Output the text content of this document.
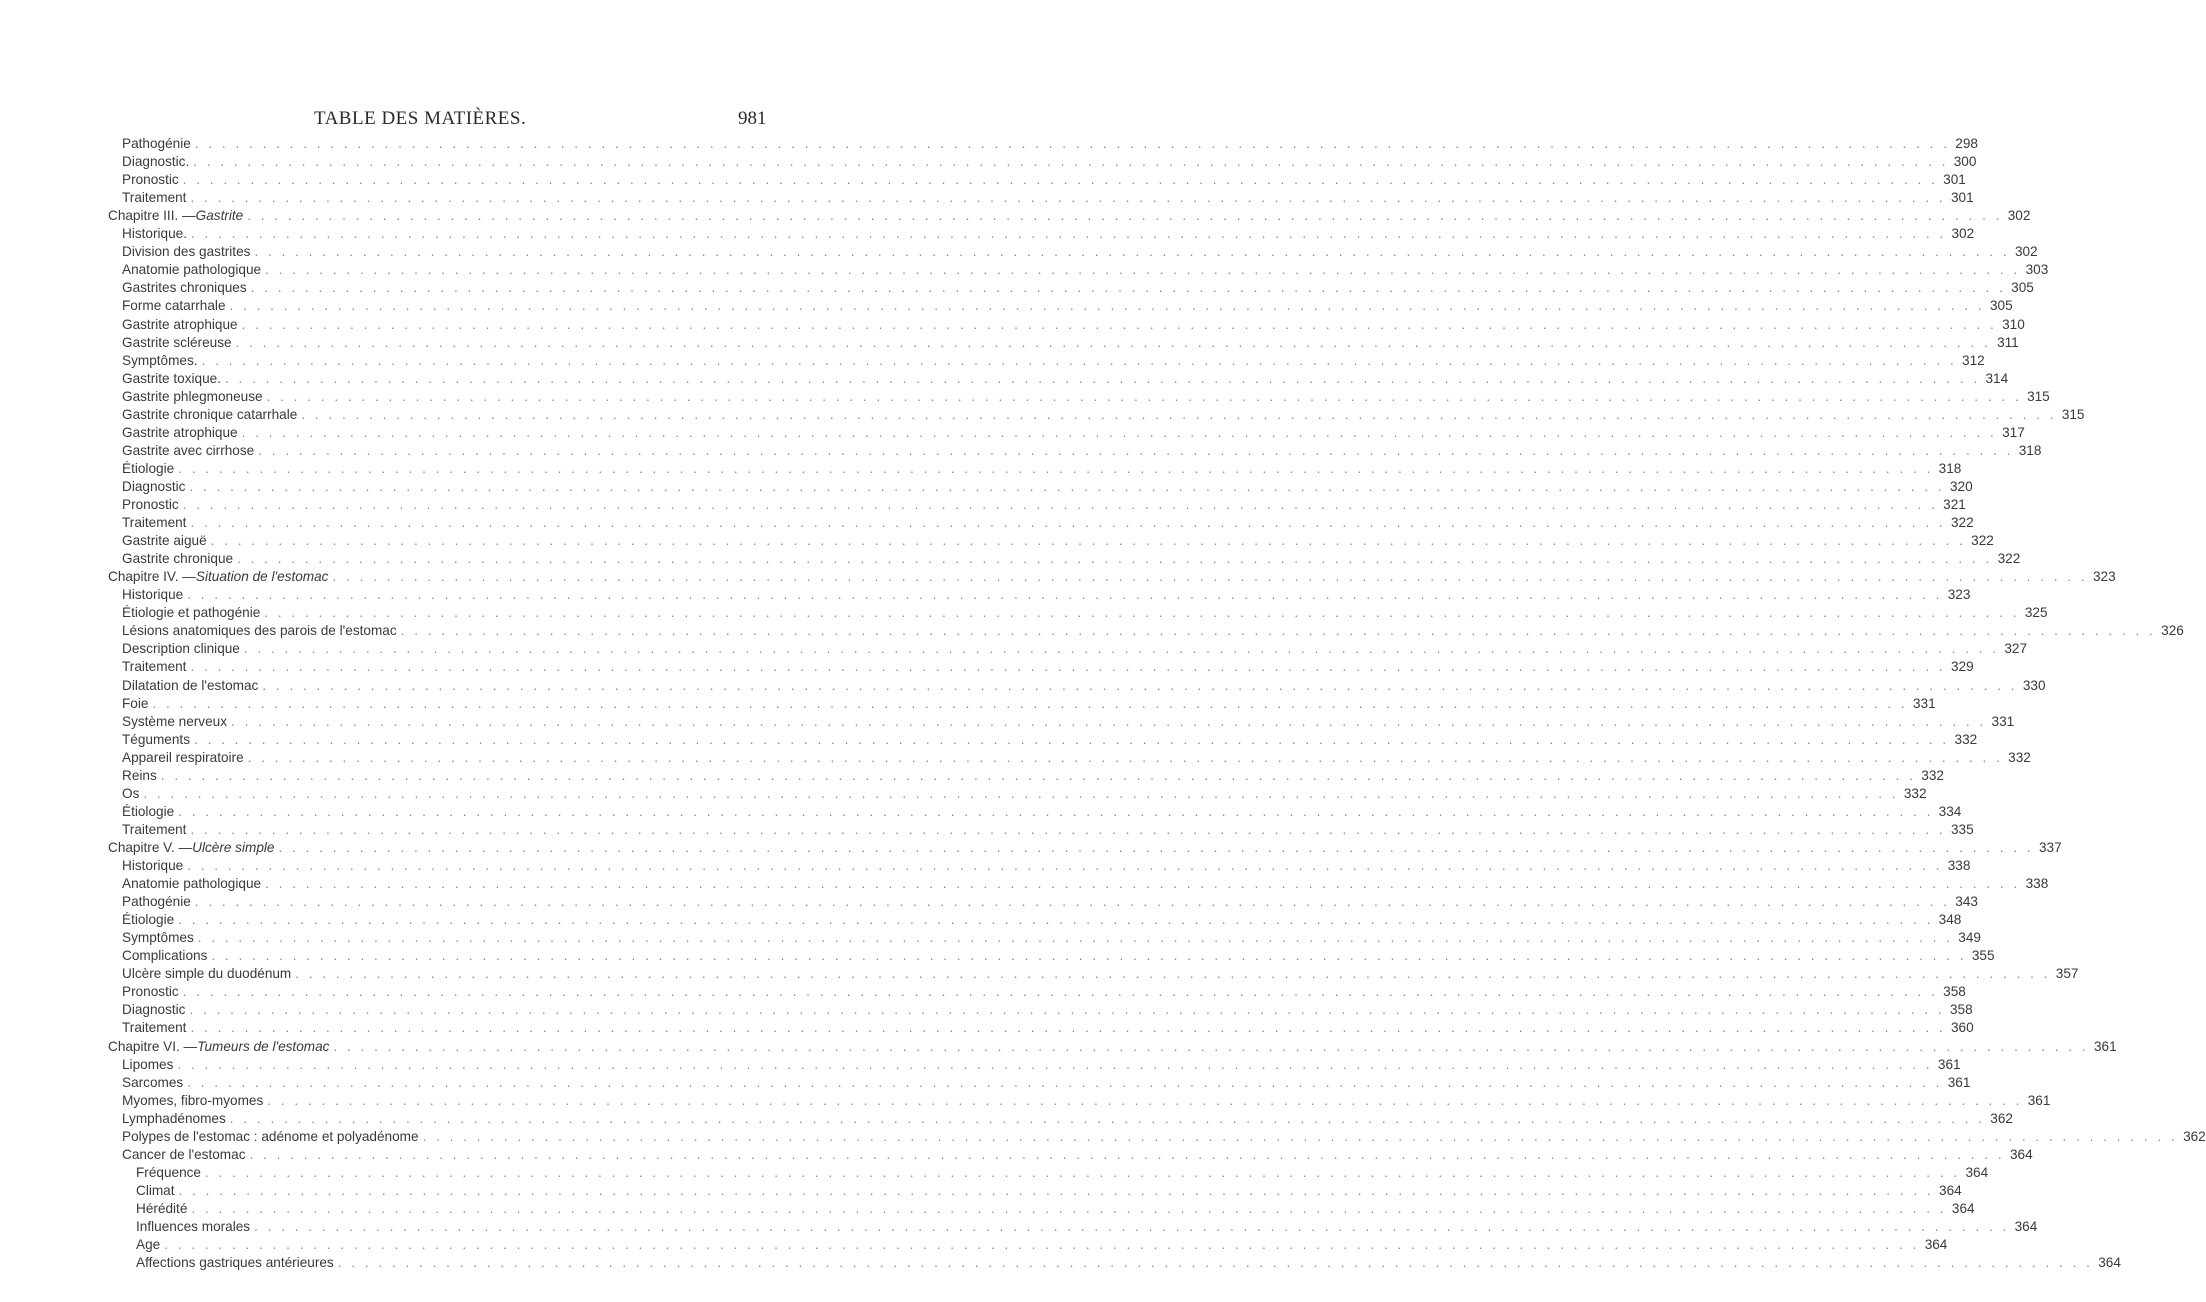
TABLE DES MATIÈRES.	981
Pathogénie . . .	298
Diagnostic. . . .	300
Pronostic . . .	301
Traitement . . .	301
Chapitre III. — Gastrite . . .	302
Historique. . . .	302
Division des gastrites . . .	302
Anatomie pathologique . . .	303
Gastrites chroniques . . .	305
Forme catarrhale . . .	305
Gastrite atrophique . . .	310
Gastrite scléreuse . . .	311
Symptômes. . . .	312
Gastrite toxique. . . .	314
Gastrite phlegmoneuse . . .	315
Gastrite chronique catarrhale . . .	315
Gastrite atrophique . . .	317
Gastrite avec cirrhose . . .	318
Étiologie . . .	318
Diagnostic . . .	320
Pronostic . . .	321
Traitement . . .	322
Gastrite aiguë . . .	322
Gastrite chronique . . .	322
Chapitre IV. — Situation de l'estomac . . .	323
Historique . . .	323
Étiologie et pathogénie . . .	325
Lésions anatomiques des parois de l'estomac . . .	326
Description clinique . . .	327
Traitement . . .	329
Dilatation de l'estomac . . .	330
Foie . . .	331
Système nerveux . . .	331
Téguments . . .	332
Appareil respiratoire . . .	332
Reins . . .	332
Os . . .	332
Étiologie . . .	334
Traitement . . .	335
Chapitre V. — Ulcère simple . . .	337
Historique . . .	338
Anatomie pathologique . . .	338
Pathogénie . . .	343
Étiologie . . .	348
Symptômes . . .	349
Complications . . .	355
Ulcère simple du duodénum . . .	357
Pronostic . . .	358
Diagnostic . . .	358
Traitement . . .	360
Chapitre VI. — Tumeurs de l'estomac . . .	361
Lipomes . . .	361
Sarcomes . . .	361
Myomes, fibro-myomes . . .	361
Lymphadénomes . . .	362
Polypes de l'estomac : adénome et polyadénome . . .	362
Cancer de l'estomac . . .	364
Fréquence . . .	364
Climat . . .	364
Hérédité . . .	364
Influences morales . . .	364
Age . . .	364
Affections gastriques antérieures . . .	364
